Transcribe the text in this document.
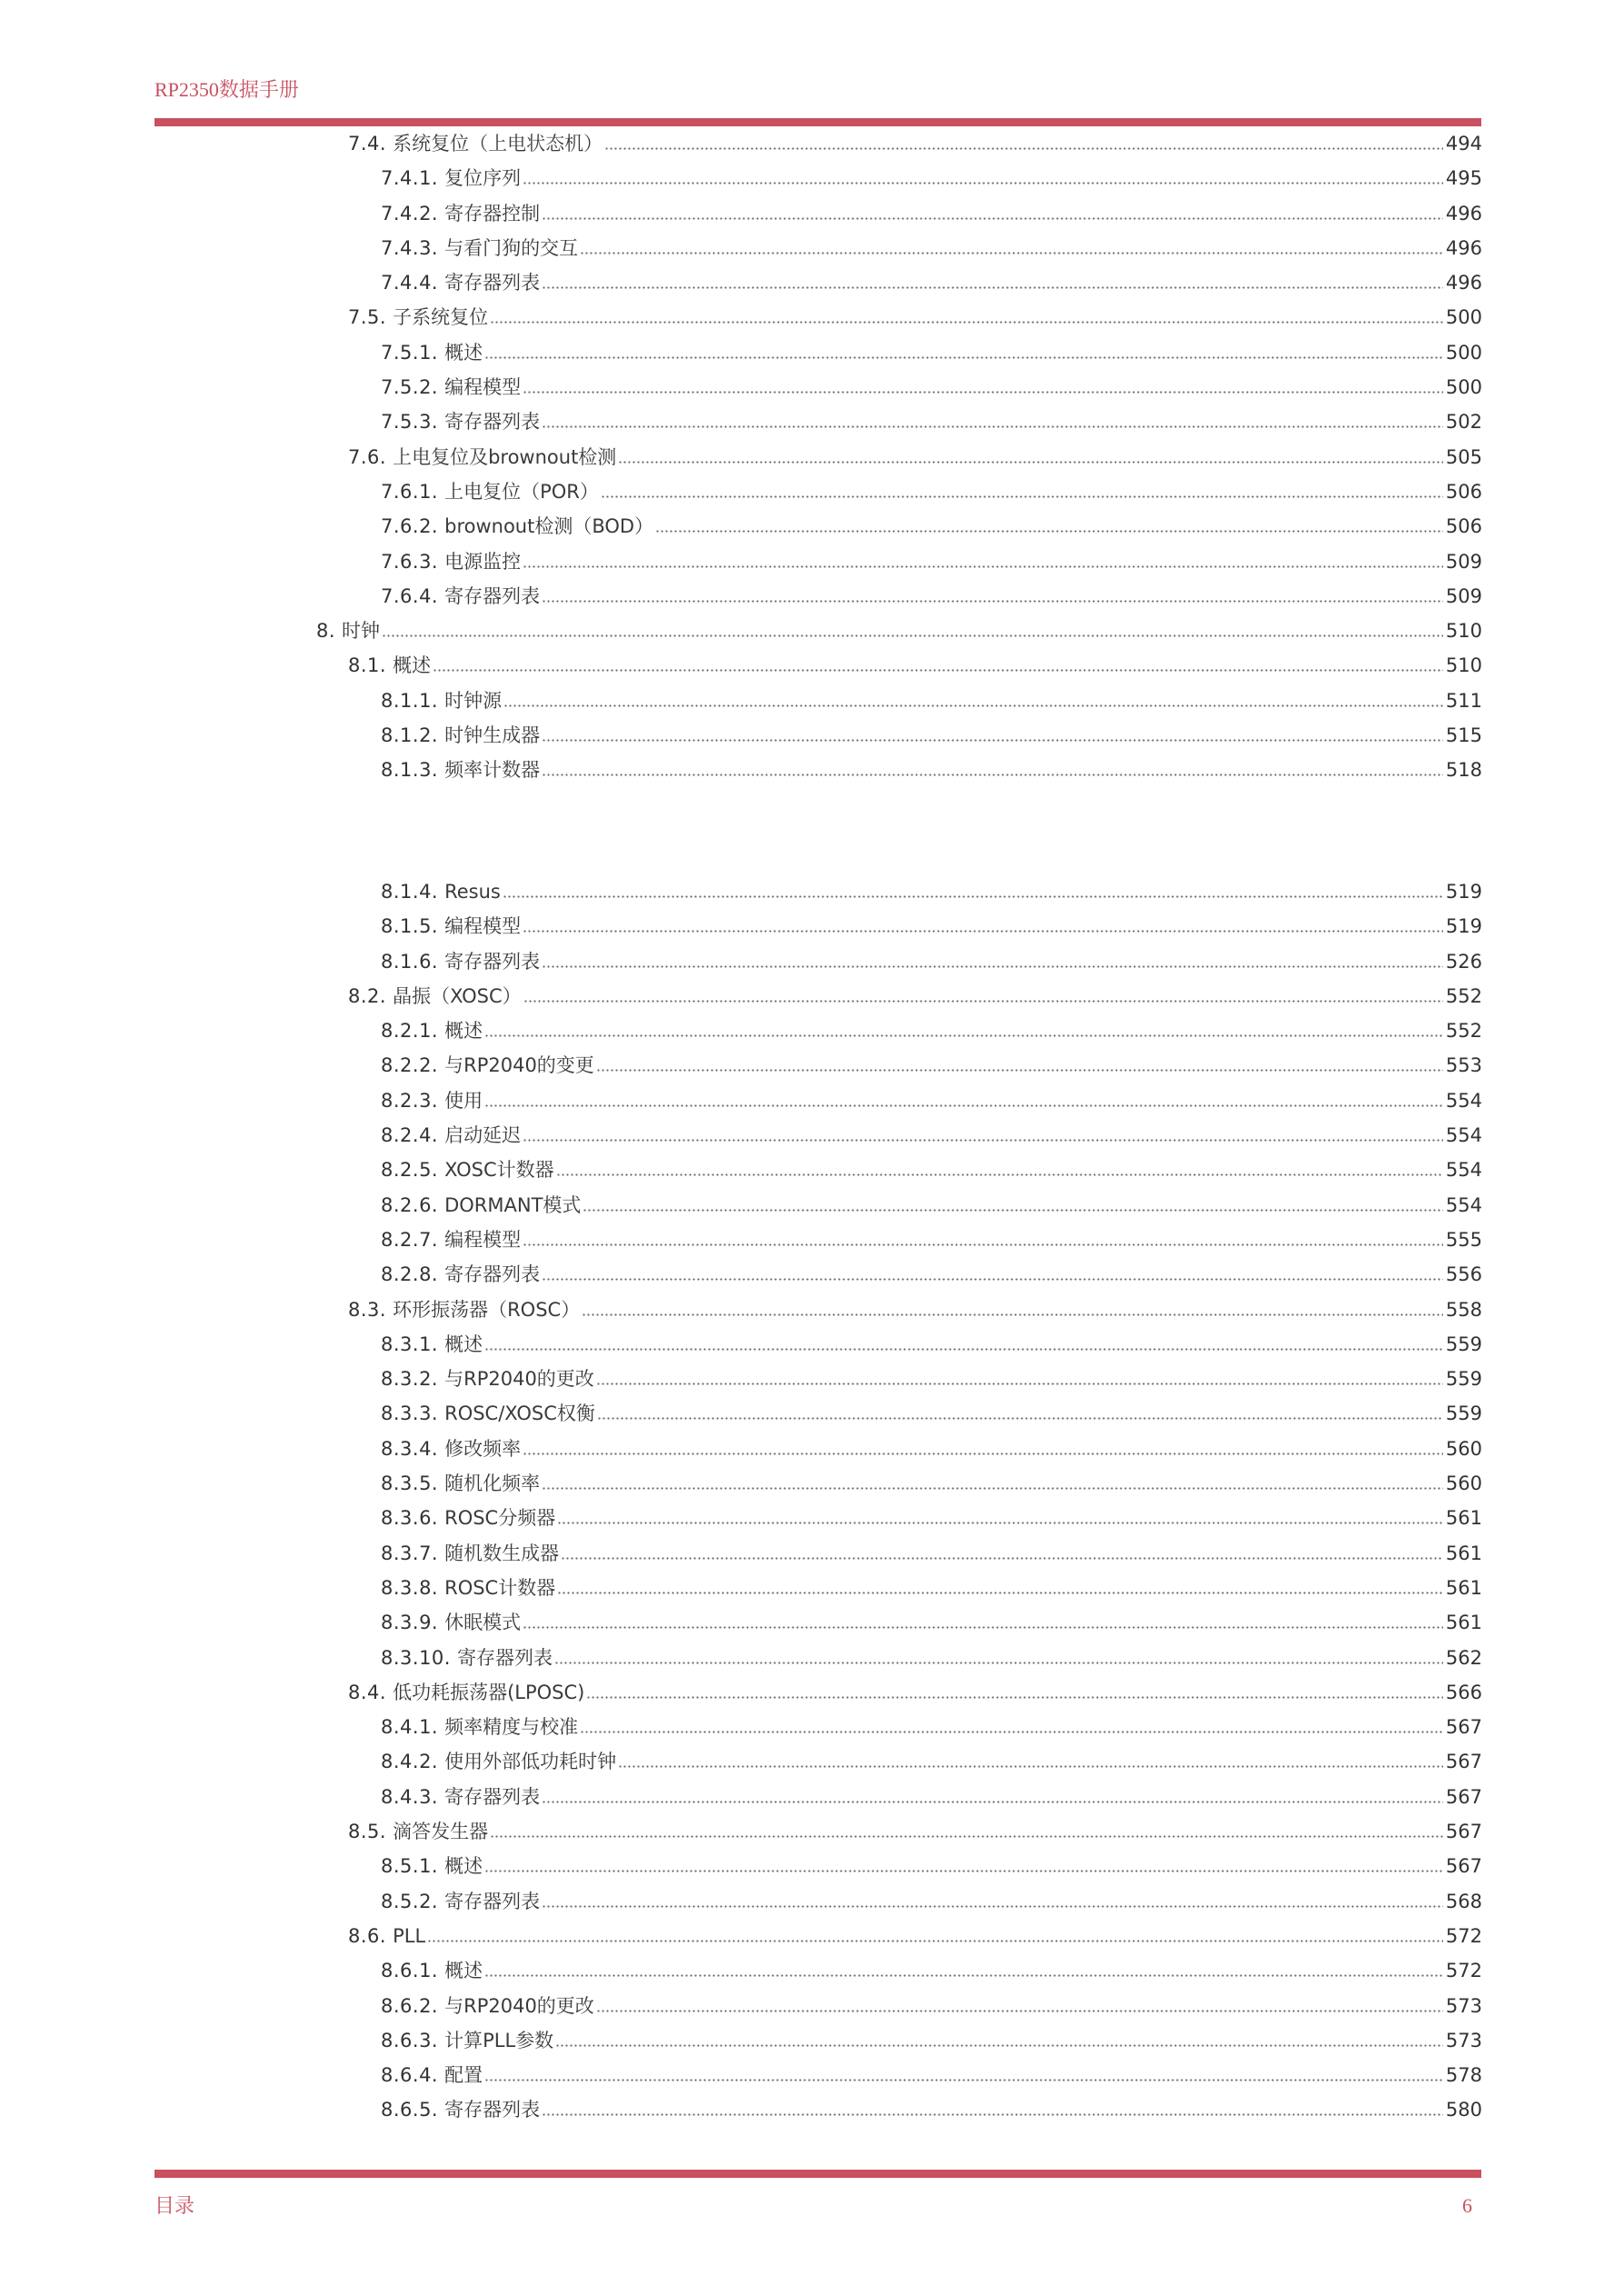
RP2350数据手册
7.4. 系统复位（上电状态机）	494
7.4.1. 复位序列	495
7.4.2. 寄存器控制	496
7.4.3. 与看门狗的交互	496
7.4.4. 寄存器列表	496
7.5. 子系统复位	500
7.5.1. 概述	500
7.5.2. 编程模型	500
7.5.3. 寄存器列表	502
7.6. 上电复位及brownout检测	505
7.6.1. 上电复位（POR）	506
7.6.2. brownout检测（BOD）	506
7.6.3. 电源监控	509
7.6.4. 寄存器列表	509
8. 时钟	510
8.1. 概述	510
8.1.1. 时钟源	511
8.1.2. 时钟生成器	515
8.1.3. 频率计数器	518
8.1.4. Resus	519
8.1.5. 编程模型	519
8.1.6. 寄存器列表	526
8.2. 晶振（XOSC）	552
8.2.1. 概述	552
8.2.2. 与RP2040的变更	553
8.2.3. 使用	554
8.2.4. 启动延迟	554
8.2.5. XOSC计数器	554
8.2.6. DORMANT模式	554
8.2.7. 编程模型	555
8.2.8. 寄存器列表	556
8.3. 环形振荡器（ROSC）	558
8.3.1. 概述	559
8.3.2. 与RP2040的更改	559
8.3.3. ROSC/XOSC权衡	559
8.3.4. 修改频率	560
8.3.5. 随机化频率	560
8.3.6. ROSC分频器	561
8.3.7. 随机数生成器	561
8.3.8. ROSC计数器	561
8.3.9. 休眠模式	561
8.3.10. 寄存器列表	562
8.4. 低功耗振荡器(LPOSC)	566
8.4.1. 频率精度与校准	567
8.4.2. 使用外部低功耗时钟	567
8.4.3. 寄存器列表	567
8.5. 滴答发生器	567
8.5.1. 概述	567
8.5.2. 寄存器列表	568
8.6. PLL	572
8.6.1. 概述	572
8.6.2. 与RP2040的更改	573
8.6.3. 计算PLL参数	573
8.6.4. 配置	578
8.6.5. 寄存器列表	580
目录	6
